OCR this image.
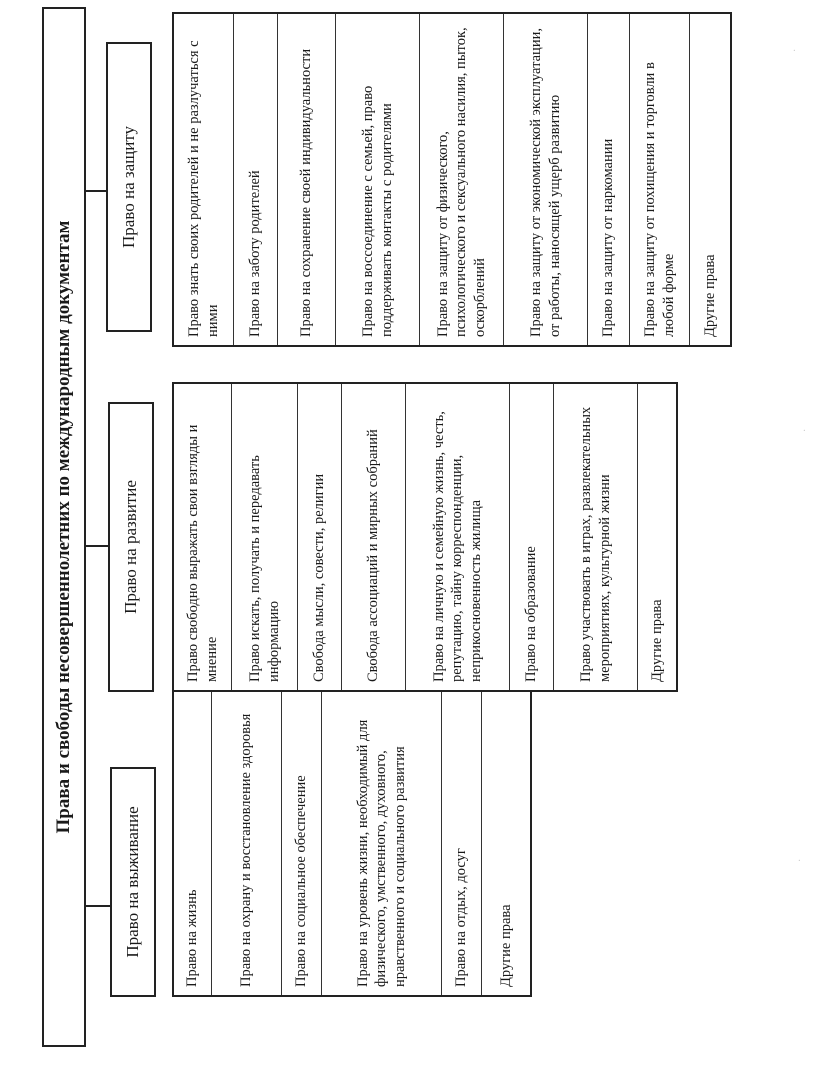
Права и свободы несовершеннолетних по международным документам
Право на выживание	Право на жизнь	Право на охрану и восстановление здоровья	Право на социальное обеспечение	Право на уровень жизни, необходимый для физического, умственного, духовного, нравственного и социального развития	Право на отдых, досуг	Другие права
Право на развитие	Право свободно выражать свои взгляды и мнение	Право искать, получать и передавать информацию	Свобода мысли, совести, религии	Свобода ассоциаций и мирных собраний	Право на личную и семейную жизнь, честь, репутацию, тайну корреспонденции, неприкосновенность жилища	Право на образование	Право участвовать в играх, развлекательных мероприятиях, культурной жизни	Другие права
Право на защиту	Право знать своих родителей и не разлучаться с ними	Право на заботу родителей	Право на сохранение своей индивидуальности	Право на воссоединение с семьей, право поддерживать контакты с родителями	Право на защиту от физического, психологического и сексуального насилия, пыток, оскорблений	Право на защиту от экономической эксплуатации, от работы, наносящей ущерб развитию	Право на защиту от наркомании	Право на защиту от похищения и торговли в любой форме	Другие права
·
·
·
